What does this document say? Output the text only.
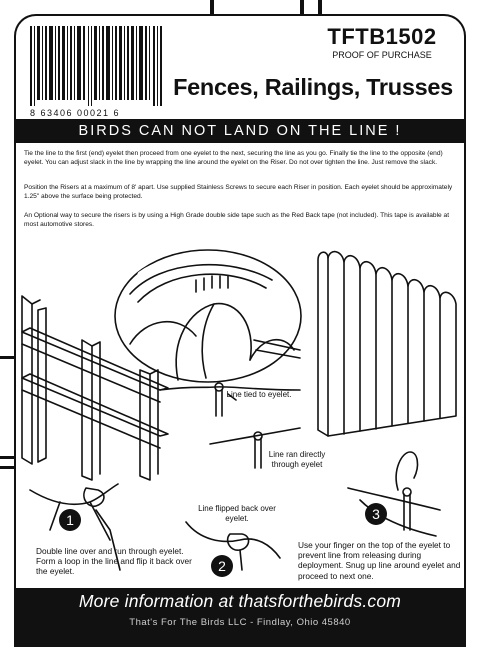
8 63406 00021 6
TFTB1502
PROOF OF PURCHASE
Fences, Railings, Trusses
BIRDS CAN NOT LAND ON THE LINE !
Tie the line to the first (end) eyelet then proceed from one eyelet to the next, securing the line as you go. Finally tie the line to the opposite (end) eyelet. You can adjust slack in the line by wrapping the line around the eyelet on the Riser. Do not over tighten the line. Just remove the slack.
Position the Risers at a maximum of 8' apart. Use supplied Stainless Screws to secure each Riser in position. Each eyelet should be approximately 1.25" above the surface being protected.
An Optional way to secure the risers is by using a High Grade double side tape such as the Red Back tape (not included). This tape is available at most automotive stores.
1
2
3
Line tied to eyelet.
Line ran directly through eyelet
Line flipped back over eyelet.
Double line over and run through eyelet. Form a loop in the line and flip it back over the eyelet.
Use your finger on the top of the eyelet to prevent line from releasing during deployment. Snug up line around eyelet and proceed to next one.
More information at thatsforthebirds.com
That's For The Birds LLC - Findlay, Ohio 45840
